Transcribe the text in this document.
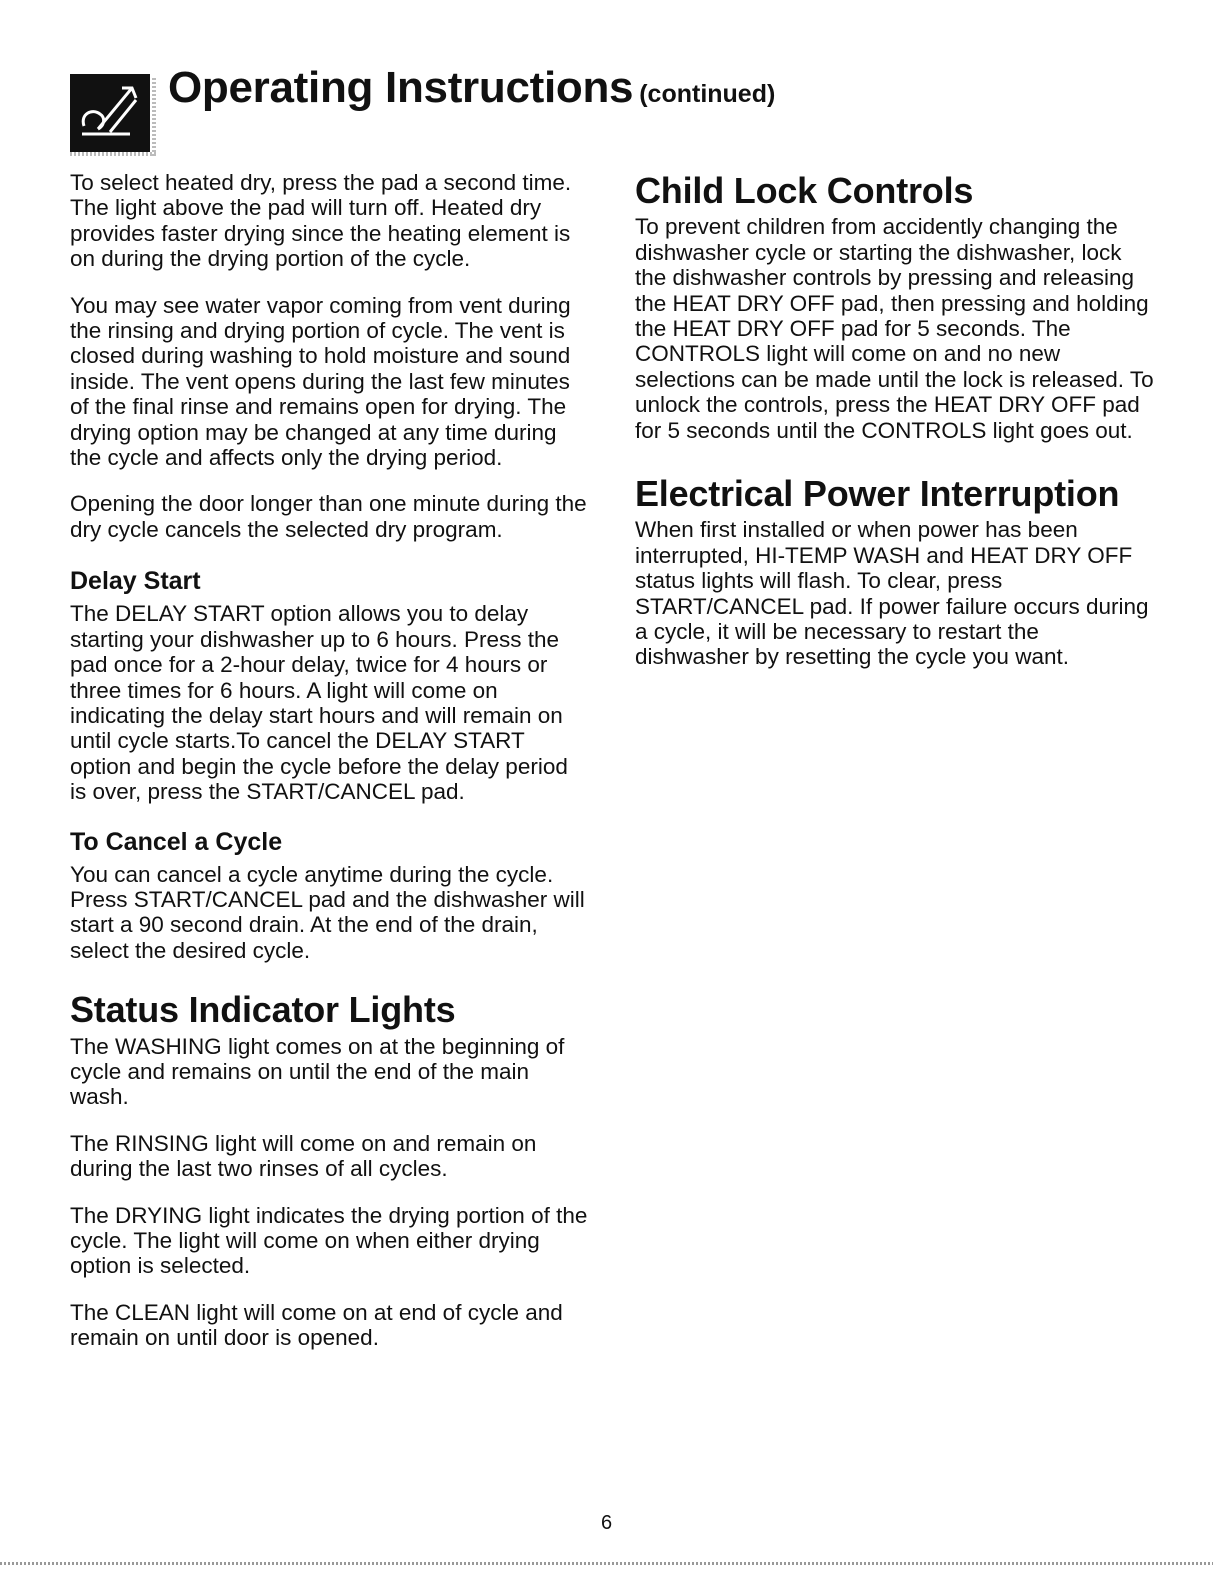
Operating Instructions (continued)

To select heated dry, press the pad a second time. The light above the pad will turn off. Heated dry provides faster drying since the heating element is on during the drying portion of the cycle.

You may see water vapor coming from vent during the rinsing and drying portion of cycle. The vent is closed during washing to hold moisture and sound inside. The vent opens during the last few minutes of the final rinse and remains open for drying. The drying option may be changed at any time during the cycle and affects only the drying period.

Opening the door longer than one minute during the dry cycle cancels the selected dry program.

Delay Start

The DELAY START option allows you to delay starting your dishwasher up to 6 hours. Press the pad once for a 2-hour delay, twice for 4 hours or three times for 6 hours. A light will come on indicating the delay start hours and will remain on until cycle starts.To cancel the DELAY START option and begin the cycle before the delay period is over, press the START/CANCEL pad.

To Cancel a Cycle

You can cancel a cycle anytime during the cycle. Press START/CANCEL pad and the dishwasher will start a 90 second drain. At the end of the drain, select the desired cycle.

Status Indicator Lights

The WASHING light comes on at the beginning of cycle and remains on until the end of the main wash.

The RINSING light will come on and remain on during the last two rinses of all cycles.

The DRYING light indicates the drying portion of the cycle. The light will come on when either drying option is selected.

The CLEAN light will come on at end of cycle and remain on until door is opened.

Child Lock Controls

To prevent children from accidently changing the dishwasher cycle or starting the dishwasher, lock the dishwasher controls by pressing and releasing the HEAT DRY OFF pad, then pressing and holding the HEAT DRY OFF pad for 5 seconds. The CONTROLS light will come on and no new selections can be made until the lock is released. To unlock the controls, press the HEAT DRY OFF pad for 5 seconds until the CONTROLS light goes out.

Electrical Power Interruption

When first installed or when power has been interrupted, HI-TEMP WASH and HEAT DRY OFF status lights will flash. To clear, press START/CANCEL pad. If power failure occurs during a cycle, it will be necessary to restart the dishwasher by resetting the cycle you want.

6
